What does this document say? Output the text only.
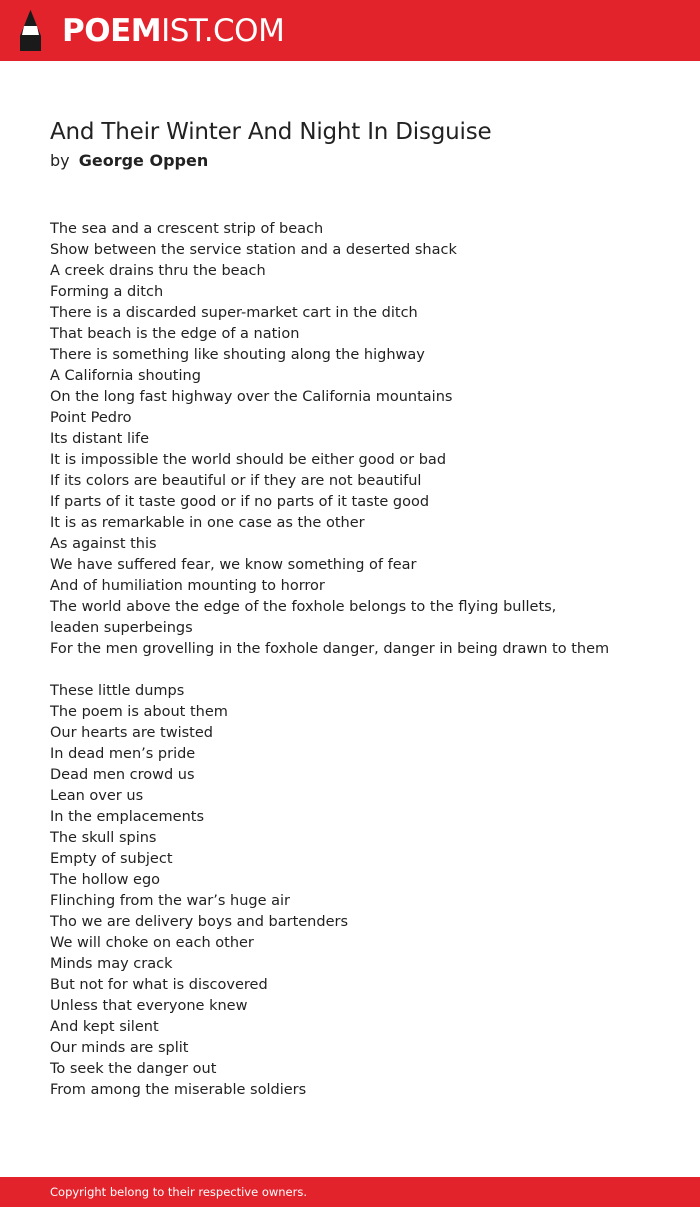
POEMIST.COM
And Their Winter And Night In Disguise
by George Oppen
The sea and a crescent strip of beach
Show between the service station and a deserted shack
A creek drains thru the beach
Forming a ditch
There is a discarded super-market cart in the ditch
That beach is the edge of a nation
There is something like shouting along the highway
A California shouting
On the long fast highway over the California mountains
Point Pedro
Its distant life
It is impossible the world should be either good or bad
If its colors are beautiful or if they are not beautiful
If parts of it taste good or if no parts of it taste good
It is as remarkable in one case as the other
As against this
We have suffered fear, we know something of fear
And of humiliation mounting to horror
The world above the edge of the foxhole belongs to the flying bullets,
leaden superbeings
For the men grovelling in the foxhole danger, danger in being drawn to them
These little dumps
The poem is about them
Our hearts are twisted
In dead men’s pride
Dead men crowd us
Lean over us
In the emplacements
The skull spins
Empty of subject
The hollow ego
Flinching from the war’s huge air
Tho we are delivery boys and bartenders
We will choke on each other
Minds may crack
But not for what is discovered
Unless that everyone knew
And kept silent
Our minds are split
To seek the danger out
From among the miserable soldiers
Copyright belong to their respective owners.
